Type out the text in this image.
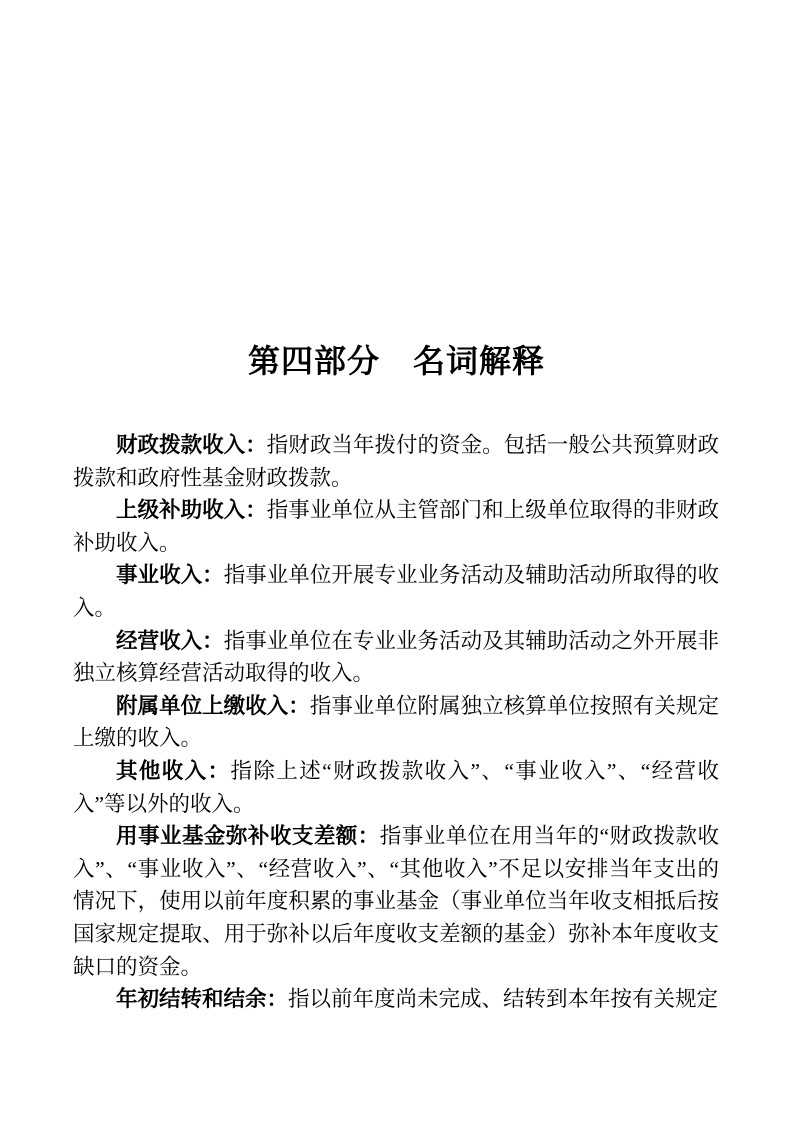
第四部分　名词解释

财政拨款收入：指财政当年拨付的资金。包括一般公共预算财政拨款和政府性基金财政拨款。

上级补助收入：指事业单位从主管部门和上级单位取得的非财政补助收入。

事业收入：指事业单位开展专业业务活动及辅助活动所取得的收入。

经营收入：指事业单位在专业业务活动及其辅助活动之外开展非独立核算经营活动取得的收入。

附属单位上缴收入：指事业单位附属独立核算单位按照有关规定上缴的收入。

其他收入：指除上述“财政拨款收入”、“事业收入”、“经营收入”等以外的收入。

用事业基金弥补收支差额：指事业单位在用当年的“财政拨款收入”、“事业收入”、“经营收入”、“其他收入”不足以安排当年支出的情况下，使用以前年度积累的事业基金（事业单位当年收支相抵后按国家规定提取、用于弥补以后年度收支差额的基金）弥补本年度收支缺口的资金。

年初结转和结余：指以前年度尚未完成、结转到本年按有关规定
